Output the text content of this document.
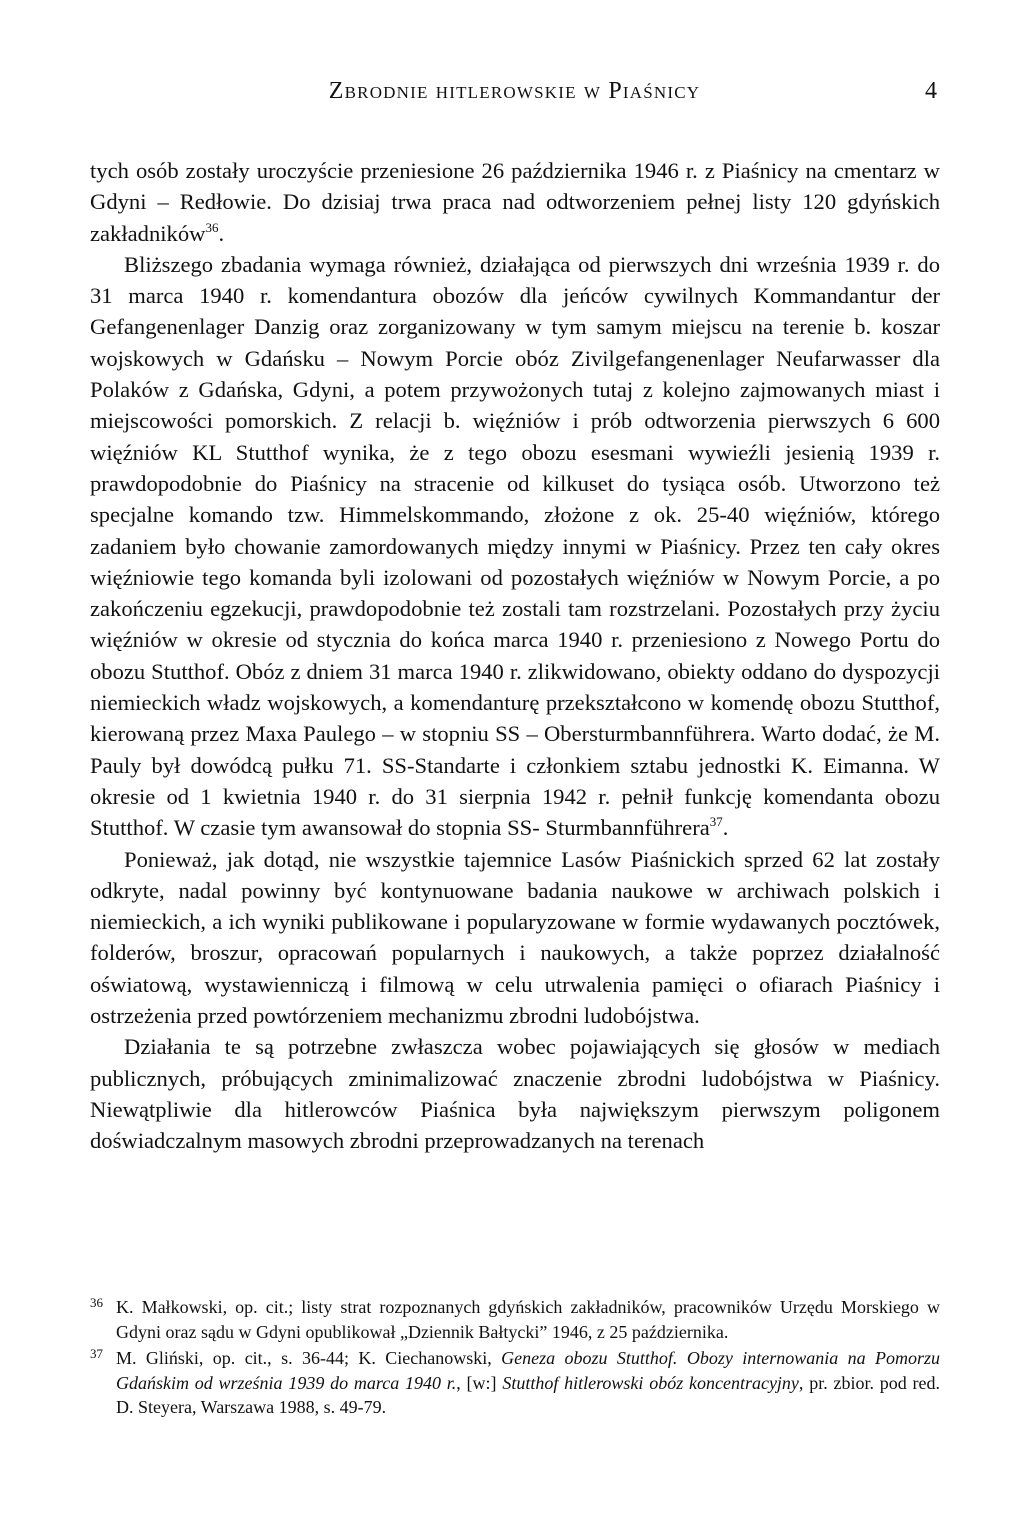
Zbrodnie hitlerowskie w Piaśnicy	4

tych osób zostały uroczyście przeniesione 26 października 1946 r. z Piaśnicy na cmentarz w Gdyni – Redłowie. Do dzisiaj trwa praca nad odtworzeniem pełnej listy 120 gdyńskich zakładników$^{36}$.

Bliższego zbadania wymaga również, działająca od pierwszych dni września 1939 r. do 31 marca 1940 r. komendantura obozów dla jeńców cywilnych Kommandantur der Gefangenenlager Danzig oraz zorganizowany w tym samym miejscu na terenie b. koszar wojskowych w Gdańsku – Nowym Porcie obóz Zivilgefangenenlager Neufarwasser dla Polaków z Gdańska, Gdyni, a potem przywożonych tutaj z kolejno zajmowanych miast i miejscowości pomorskich. Z relacji b. więźniów i prób odtworzenia pierwszych 6 600 więźniów KL Stutthof wynika, że z tego obozu esesmani wywieźli jesienią 1939 r. prawdopodobnie do Piaśnicy na stracenie od kilkuset do tysiąca osób. Utworzono też specjalne komando tzw. Himmelskommando, złożone z ok. 25-40 więźniów, którego zadaniem było chowanie zamordowanych między innymi w Piaśnicy. Przez ten cały okres więźniowie tego komanda byli izolowani od pozostałych więźniów w Nowym Porcie, a po zakończeniu egzekucji, prawdopodobnie też zostali tam rozstrzelani. Pozostałych przy życiu więźniów w okresie od stycznia do końca marca 1940 r. przeniesiono z Nowego Portu do obozu Stutthof. Obóz z dniem 31 marca 1940 r. zlikwidowano, obiekty oddano do dyspozycji niemieckich władz wojskowych, a komendanturę przekształcono w komendę obozu Stutthof, kierowaną przez Maxa Paulego – w stopniu SS – Obersturmbannführera. Warto dodać, że M. Pauly był dowódcą pułku 71. SS-Standarte i członkiem sztabu jednostki K. Eimanna. W okresie od 1 kwietnia 1940 r. do 31 sierpnia 1942 r. pełnił funkcję komendanta obozu Stutthof. W czasie tym awansował do stopnia SS- Sturmbannführera$^{37}$.

Ponieważ, jak dotąd, nie wszystkie tajemnice Lasów Piaśnickich sprzed 62 lat zostały odkryte, nadal powinny być kontynuowane badania naukowe w archiwach polskich i niemieckich, a ich wyniki publikowane i popularyzowane w formie wydawanych pocztówek, folderów, broszur, opracowań popularnych i naukowych, a także poprzez działalność oświatową, wystawienniczą i filmową w celu utrwalenia pamięci o ofiarach Piaśnicy i ostrzeżenia przed powtórzeniem mechanizmu zbrodni ludobójstwa.

Działania te są potrzebne zwłaszcza wobec pojawiających się głosów w mediach publicznych, próbujących zminimalizować znaczenie zbrodni ludobójstwa w Piaśnicy. Niewątpliwie dla hitlerowców Piaśnica była największym pierwszym poligonem doświadczalnym masowych zbrodni przeprowadzanych na terenach

36 K. Małkowski, op. cit.; listy strat rozpoznanych gdyńskich zakładników, pracowników Urzędu Morskiego w Gdyni oraz sądu w Gdyni opublikował „Dziennik Bałtycki” 1946, z 25 października.
37 M. Gliński, op. cit., s. 36-44; K. Ciechanowski, Geneza obozu Stutthof. Obozy internowania na Pomorzu Gdańskim od września 1939 do marca 1940 r., [w:] Stutthof hitlerowski obóz koncentracyjny, pr. zbior. pod red. D. Steyera, Warszawa 1988, s. 49-79.
